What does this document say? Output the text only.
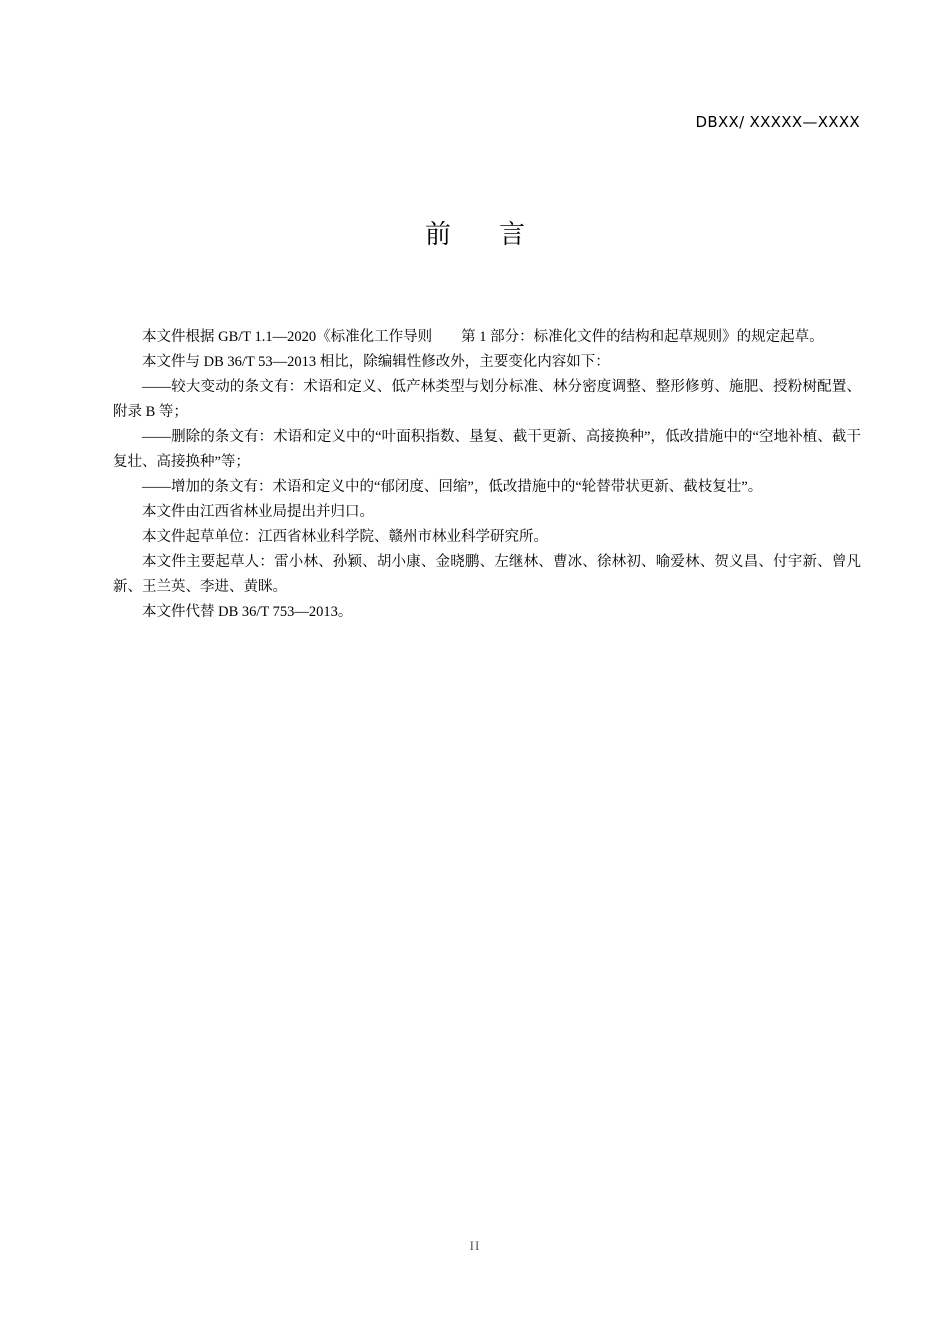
DBXX/ XXXXX—XXXX
前 言

本文件根据 GB/T 1.1—2020《标准化工作导则　　第 1 部分：标准化文件的结构和起草规则》的规定起草。

本文件与 DB 36/T 53—2013 相比，除编辑性修改外，主要变化内容如下：

——较大变动的条文有：术语和定义、低产林类型与划分标准、林分密度调整、整形修剪、施肥、授粉树配置、附录 B 等；

——删除的条文有：术语和定义中的“叶面积指数、垦复、截干更新、高接换种”，低改措施中的“空地补植、截干复壮、高接换种”等；

——增加的条文有：术语和定义中的“郁闭度、回缩”，低改措施中的“轮替带状更新、截枝复壮”。

本文件由江西省林业局提出并归口。

本文件起草单位：江西省林业科学院、赣州市林业科学研究所。

本文件主要起草人：雷小林、孙颖、胡小康、金晓鹏、左继林、曹冰、徐林初、喻爱林、贺义昌、付宇新、曾凡新、王兰英、李进、黄眯。

本文件代替 DB 36/T 753—2013。

II
